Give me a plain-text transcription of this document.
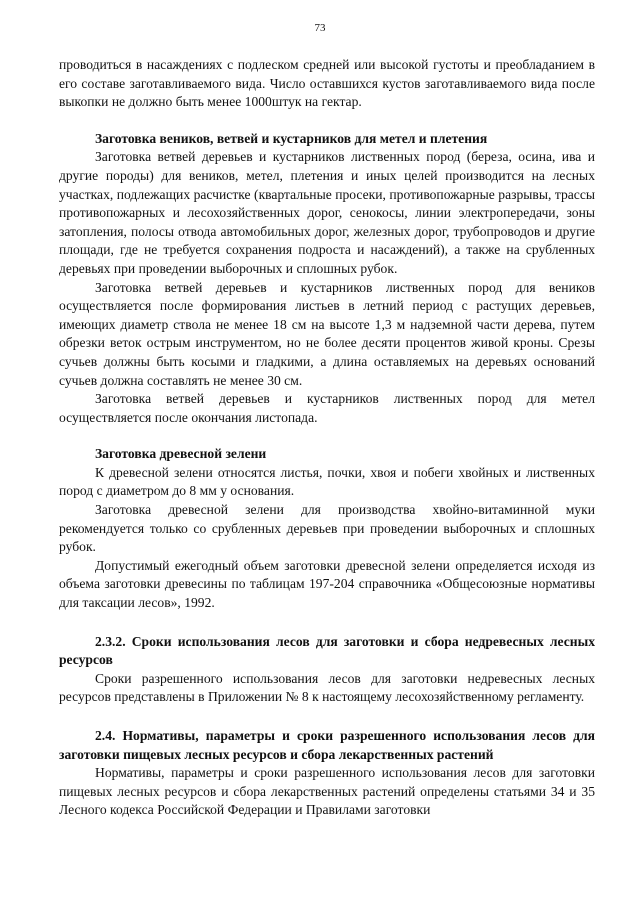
73

проводиться в насаждениях с подлеском средней или высокой густоты и преобладанием в его составе заготавливаемого вида. Число оставшихся кустов заготавливаемого вида после выкопки не должно быть менее 1000штук на гектар.

Заготовка веников, ветвей и кустарников для метел и плетения

Заготовка ветвей деревьев и кустарников лиственных пород (береза, осина, ива и другие породы) для веников, метел, плетения и иных целей производится на лесных участках, подлежащих расчистке (квартальные просеки, противопожарные разрывы, трассы противопожарных и лесохозяйственных дорог, сенокосы, линии электропередачи, зоны затопления, полосы отвода автомобильных дорог, железных дорог, трубопроводов и другие площади, где не требуется сохранения подроста и насаждений), а также на срубленных деревьях при проведении выборочных и сплошных рубок.

Заготовка ветвей деревьев и кустарников лиственных пород для веников осуществляется после формирования листьев в летний период с растущих деревьев, имеющих диаметр ствола не менее 18 см на высоте 1,3 м надземной части дерева, путем обрезки веток острым инструментом, но не более десяти процентов живой кроны. Срезы сучьев должны быть косыми и гладкими, а длина оставляемых на деревьях оснований сучьев должна составлять не менее 30 см.

Заготовка ветвей деревьев и кустарников лиственных пород для метел осуществляется после окончания листопада.

Заготовка древесной зелени

К древесной зелени относятся листья, почки, хвоя и побеги хвойных и лиственных пород с диаметром до 8 мм у основания.

Заготовка древесной зелени для производства хвойно-витаминной муки рекомендуется только со срубленных деревьев при проведении выборочных и сплошных рубок.

Допустимый ежегодный объем заготовки древесной зелени определяется исходя из объема заготовки древесины по таблицам 197-204 справочника «Общесоюзные нормативы для таксации лесов», 1992.

2.3.2. Сроки использования лесов для заготовки и сбора недревесных лесных ресурсов

Сроки разрешенного использования лесов для заготовки недревесных лесных ресурсов представлены в Приложении № 8 к настоящему лесохозяйственному регламенту.

2.4. Нормативы, параметры и сроки разрешенного использования лесов для заготовки пищевых лесных ресурсов и сбора лекарственных растений

Нормативы, параметры и сроки разрешенного использования лесов для заготовки пищевых лесных ресурсов и сбора лекарственных растений определены статьями 34 и 35 Лесного кодекса Российской Федерации и Правилами заготовки
